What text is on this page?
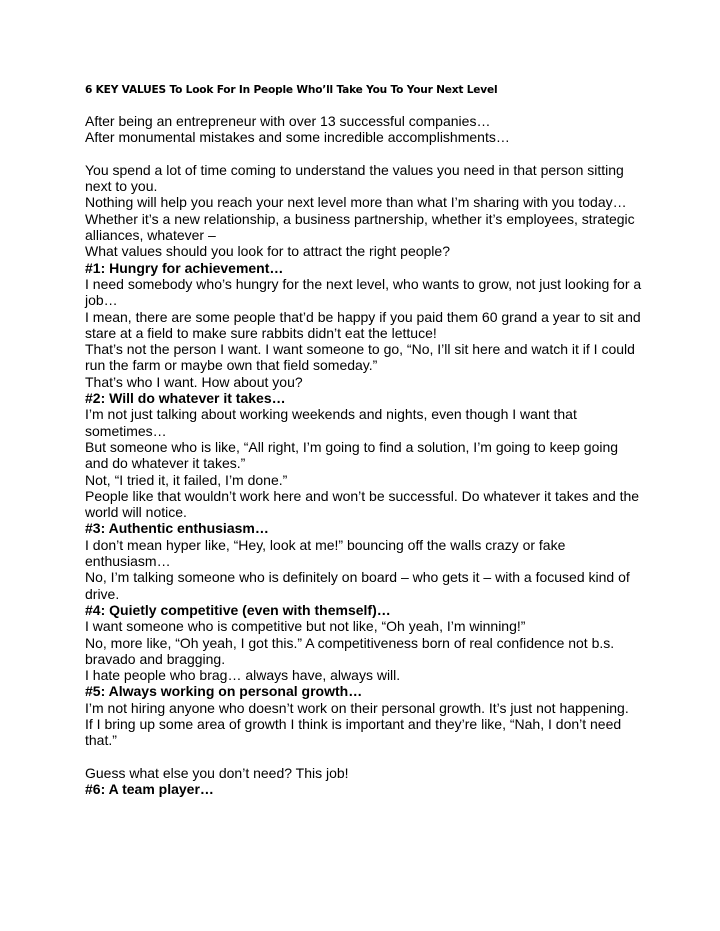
6 KEY VALUES To Look For In People Who’ll Take You To Your Next Level

After being an entrepreneur with over 13 successful companies…

After monumental mistakes and some incredible accomplishments…

You spend a lot of time coming to understand the values you need in that person sitting next to you.

Nothing will help you reach your next level more than what I’m sharing with you today…

Whether it’s a new relationship, a business partnership, whether it’s employees, strategic alliances, whatever –

What values should you look for to attract the right people?

#1: Hungry for achievement…

I need somebody who’s hungry for the next level, who wants to grow, not just looking for a job…

I mean, there are some people that’d be happy if you paid them 60 grand a year to sit and stare at a field to make sure rabbits didn’t eat the lettuce!

That’s not the person I want. I want someone to go, “No, I’ll sit here and watch it if I could run the farm or maybe own that field someday.”

That’s who I want. How about you?

#2: Will do whatever it takes…

I’m not just talking about working weekends and nights, even though I want that sometimes…

But someone who is like, “All right, I’m going to find a solution, I’m going to keep going and do whatever it takes.”

Not, “I tried it, it failed, I’m done.”

People like that wouldn’t work here and won’t be successful. Do whatever it takes and the world will notice.

#3: Authentic enthusiasm…

I don’t mean hyper like, “Hey, look at me!” bouncing off the walls crazy or fake enthusiasm…

No, I’m talking someone who is definitely on board – who gets it – with a focused kind of drive.

#4: Quietly competitive (even with themself)…

I want someone who is competitive but not like, “Oh yeah, I’m winning!”

No, more like, “Oh yeah, I got this.” A competitiveness born of real confidence not b.s. bravado and bragging.

I hate people who brag… always have, always will.

#5: Always working on personal growth…

I’m not hiring anyone who doesn’t work on their personal growth. It’s just not happening.

If I bring up some area of growth I think is important and they’re like, “Nah, I don’t need that.”

Guess what else you don’t need? This job!

#6: A team player…
